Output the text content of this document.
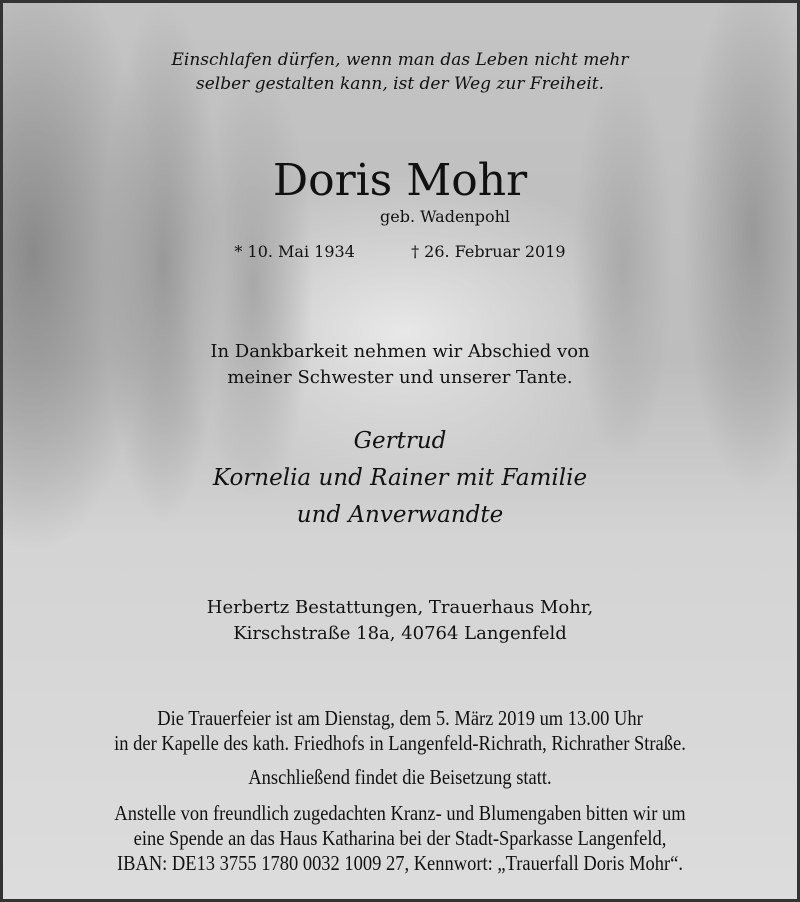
Einschlafen dürfen, wenn man das Leben nicht mehr
selber gestalten kann, ist der Weg zur Freiheit.
Doris Mohr
geb. Wadenpohl
* 10. Mai 1934	† 26. Februar 2019
In Dankbarkeit nehmen wir Abschied von
meiner Schwester und unserer Tante.
Gertrud
Kornelia und Rainer mit Familie
und Anverwandte
Herbertz Bestattungen, Trauerhaus Mohr,
Kirschstraße 18a, 40764 Langenfeld
Die Trauerfeier ist am Dienstag, dem 5. März 2019 um 13.00 Uhr
in der Kapelle des kath. Friedhofs in Langenfeld-Richrath, Richrather Straße.
Anschließend findet die Beisetzung statt.
Anstelle von freundlich zugedachten Kranz- und Blumengaben bitten wir um
eine Spende an das Haus Katharina bei der Stadt-Sparkasse Langenfeld,
IBAN: DE13 3755 1780 0032 1009 27, Kennwort: „Trauerfall Doris Mohr“.
